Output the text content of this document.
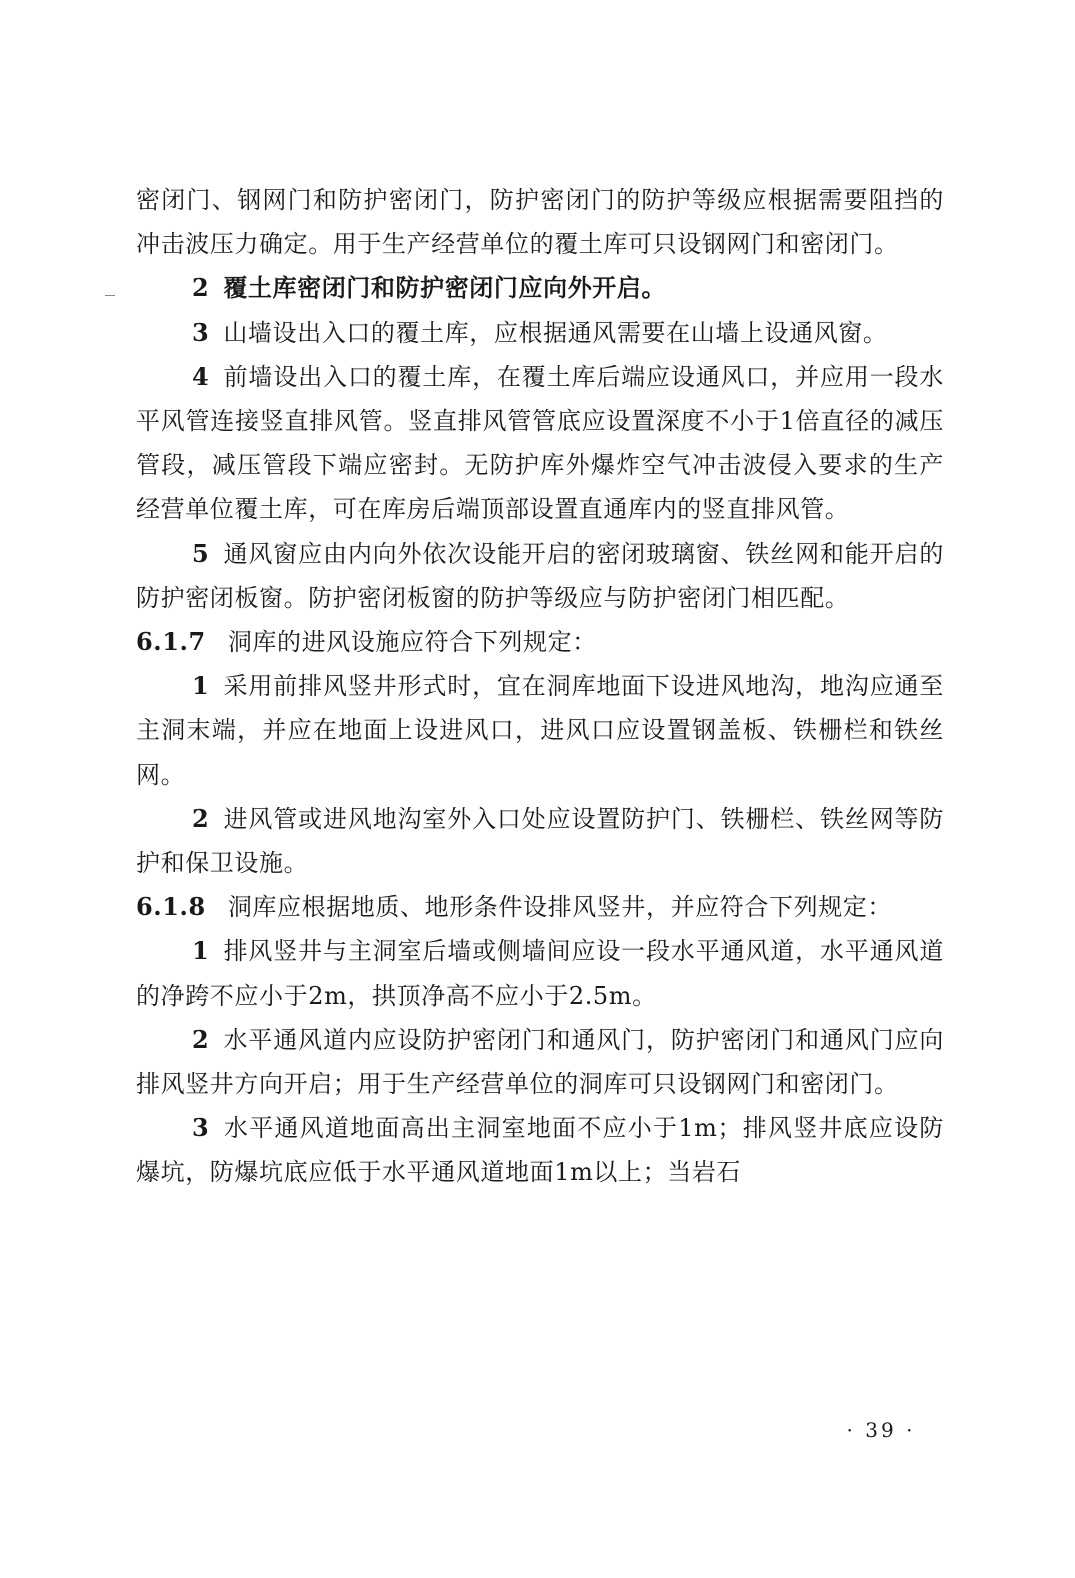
密闭门、钢网门和防护密闭门，防护密闭门的防护等级应根据需要阻挡的冲击波压力确定。用于生产经营单位的覆土库可只设钢网门和密闭门。

2 覆土库密闭门和防护密闭门应向外开启。

3 山墙设出入口的覆土库，应根据通风需要在山墙上设通风窗。

4 前墙设出入口的覆土库，在覆土库后端应设通风口，并应用一段水平风管连接竖直排风管。竖直排风管管底应设置深度不小于1倍直径的减压管段，减压管段下端应密封。无防护库外爆炸空气冲击波侵入要求的生产经营单位覆土库，可在库房后端顶部设置直通库内的竖直排风管。

5 通风窗应由内向外依次设能开启的密闭玻璃窗、铁丝网和能开启的防护密闭板窗。防护密闭板窗的防护等级应与防护密闭门相匹配。

6.1.7 洞库的进风设施应符合下列规定：

1 采用前排风竖井形式时，宜在洞库地面下设进风地沟，地沟应通至主洞末端，并应在地面上设进风口，进风口应设置钢盖板、铁栅栏和铁丝网。

2 进风管或进风地沟室外入口处应设置防护门、铁栅栏、铁丝网等防护和保卫设施。

6.1.8 洞库应根据地质、地形条件设排风竖井，并应符合下列规定：

1 排风竖井与主洞室后墙或侧墙间应设一段水平通风道，水平通风道的净跨不应小于2m，拱顶净高不应小于2.5m。

2 水平通风道内应设防护密闭门和通风门，防护密闭门和通风门应向排风竖井方向开启；用于生产经营单位的洞库可只设钢网门和密闭门。

3 水平通风道地面高出主洞室地面不应小于1m；排风竖井底应设防爆坑，防爆坑底应低于水平通风道地面1m以上；当岩石

· 39 ·
